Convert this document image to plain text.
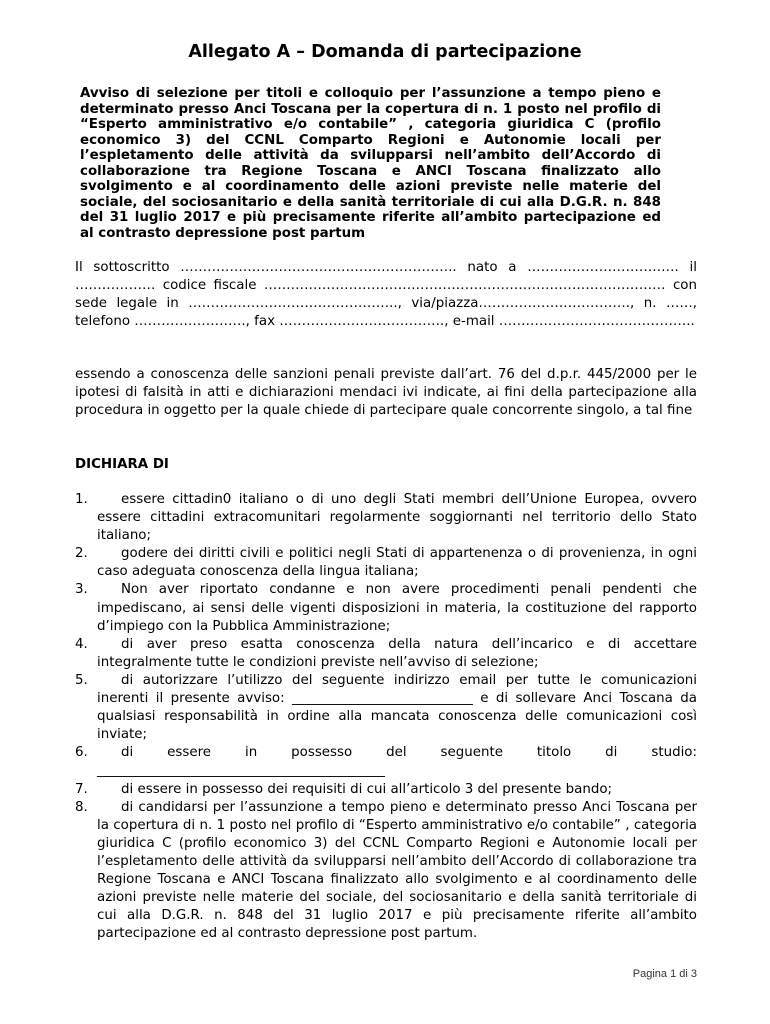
Allegato A – Domanda di partecipazione
Avviso di selezione per titoli e colloquio per l’assunzione a tempo pieno e determinato presso Anci Toscana per la copertura di n. 1 posto nel profilo di “Esperto amministrativo e/o contabile” , categoria giuridica C (profilo economico 3) del CCNL Comparto Regioni e Autonomie locali per l’espletamento delle attività da svilupparsi nell’ambito dell’Accordo di collaborazione tra Regione Toscana e ANCI Toscana finalizzato allo svolgimento e al coordinamento delle azioni previste nelle materie del sociale, del sociosanitario e della sanità territoriale di cui alla D.G.R. n. 848 del 31 luglio 2017 e più precisamente riferite all’ambito partecipazione ed al contrasto depressione post partum
Il sottoscritto …………………………………………………….. nato a ……………………………. il ……………… codice fiscale ……………………………………………………………………………… con sede legale in ……………………………………….., via/piazza……………………………., n. ……, telefono ……………………., fax ………………………………., e-mail ……………………………………..
essendo a conoscenza delle sanzioni penali previste dall’art. 76 del d.p.r. 445/2000 per le ipotesi di falsità in atti e dichiarazioni mendaci ivi indicate, ai fini della partecipazione alla procedura in oggetto per la quale chiede di partecipare quale concorrente singolo, a tal fine
DICHIARA DI
1. essere cittadin0 italiano o di uno degli Stati membri dell’Unione Europea, ovvero essere cittadini extracomunitari regolarmente soggiornanti nel territorio dello Stato italiano;
2. godere dei diritti civili e politici negli Stati di appartenenza o di provenienza, in ogni caso adeguata conoscenza della lingua italiana;
3. Non aver riportato condanne e non avere procedimenti penali pendenti che impediscano, ai sensi delle vigenti disposizioni in materia, la costituzione del rapporto d’impiego con la Pubblica Amministrazione;
4. di aver preso esatta conoscenza della natura dell’incarico e di accettare integralmente tutte le condizioni previste nell’avviso di selezione;
5. di autorizzare l’utilizzo del seguente indirizzo email per tutte le comunicazioni inerenti il presente avviso: ___________________________ e di sollevare Anci Toscana da qualsiasi responsabilità in ordine alla mancata conoscenza delle comunicazioni così inviate;
6. di essere in possesso del seguente titolo di studio: ___________________________________________
7. di essere in possesso dei requisiti di cui all’articolo 3 del presente bando;
8. di candidarsi per l’assunzione a tempo pieno e determinato presso Anci Toscana per la copertura di n. 1 posto nel profilo di “Esperto amministrativo e/o contabile” , categoria giuridica C (profilo economico 3) del CCNL Comparto Regioni e Autonomie locali per l’espletamento delle attività da svilupparsi nell’ambito dell’Accordo di collaborazione tra Regione Toscana e ANCI Toscana finalizzato allo svolgimento e al coordinamento delle azioni previste nelle materie del sociale, del sociosanitario e della sanità territoriale di cui alla D.G.R. n. 848 del 31 luglio 2017 e più precisamente riferite all’ambito partecipazione ed al contrasto depressione post partum.
Pagina 1 di 3
